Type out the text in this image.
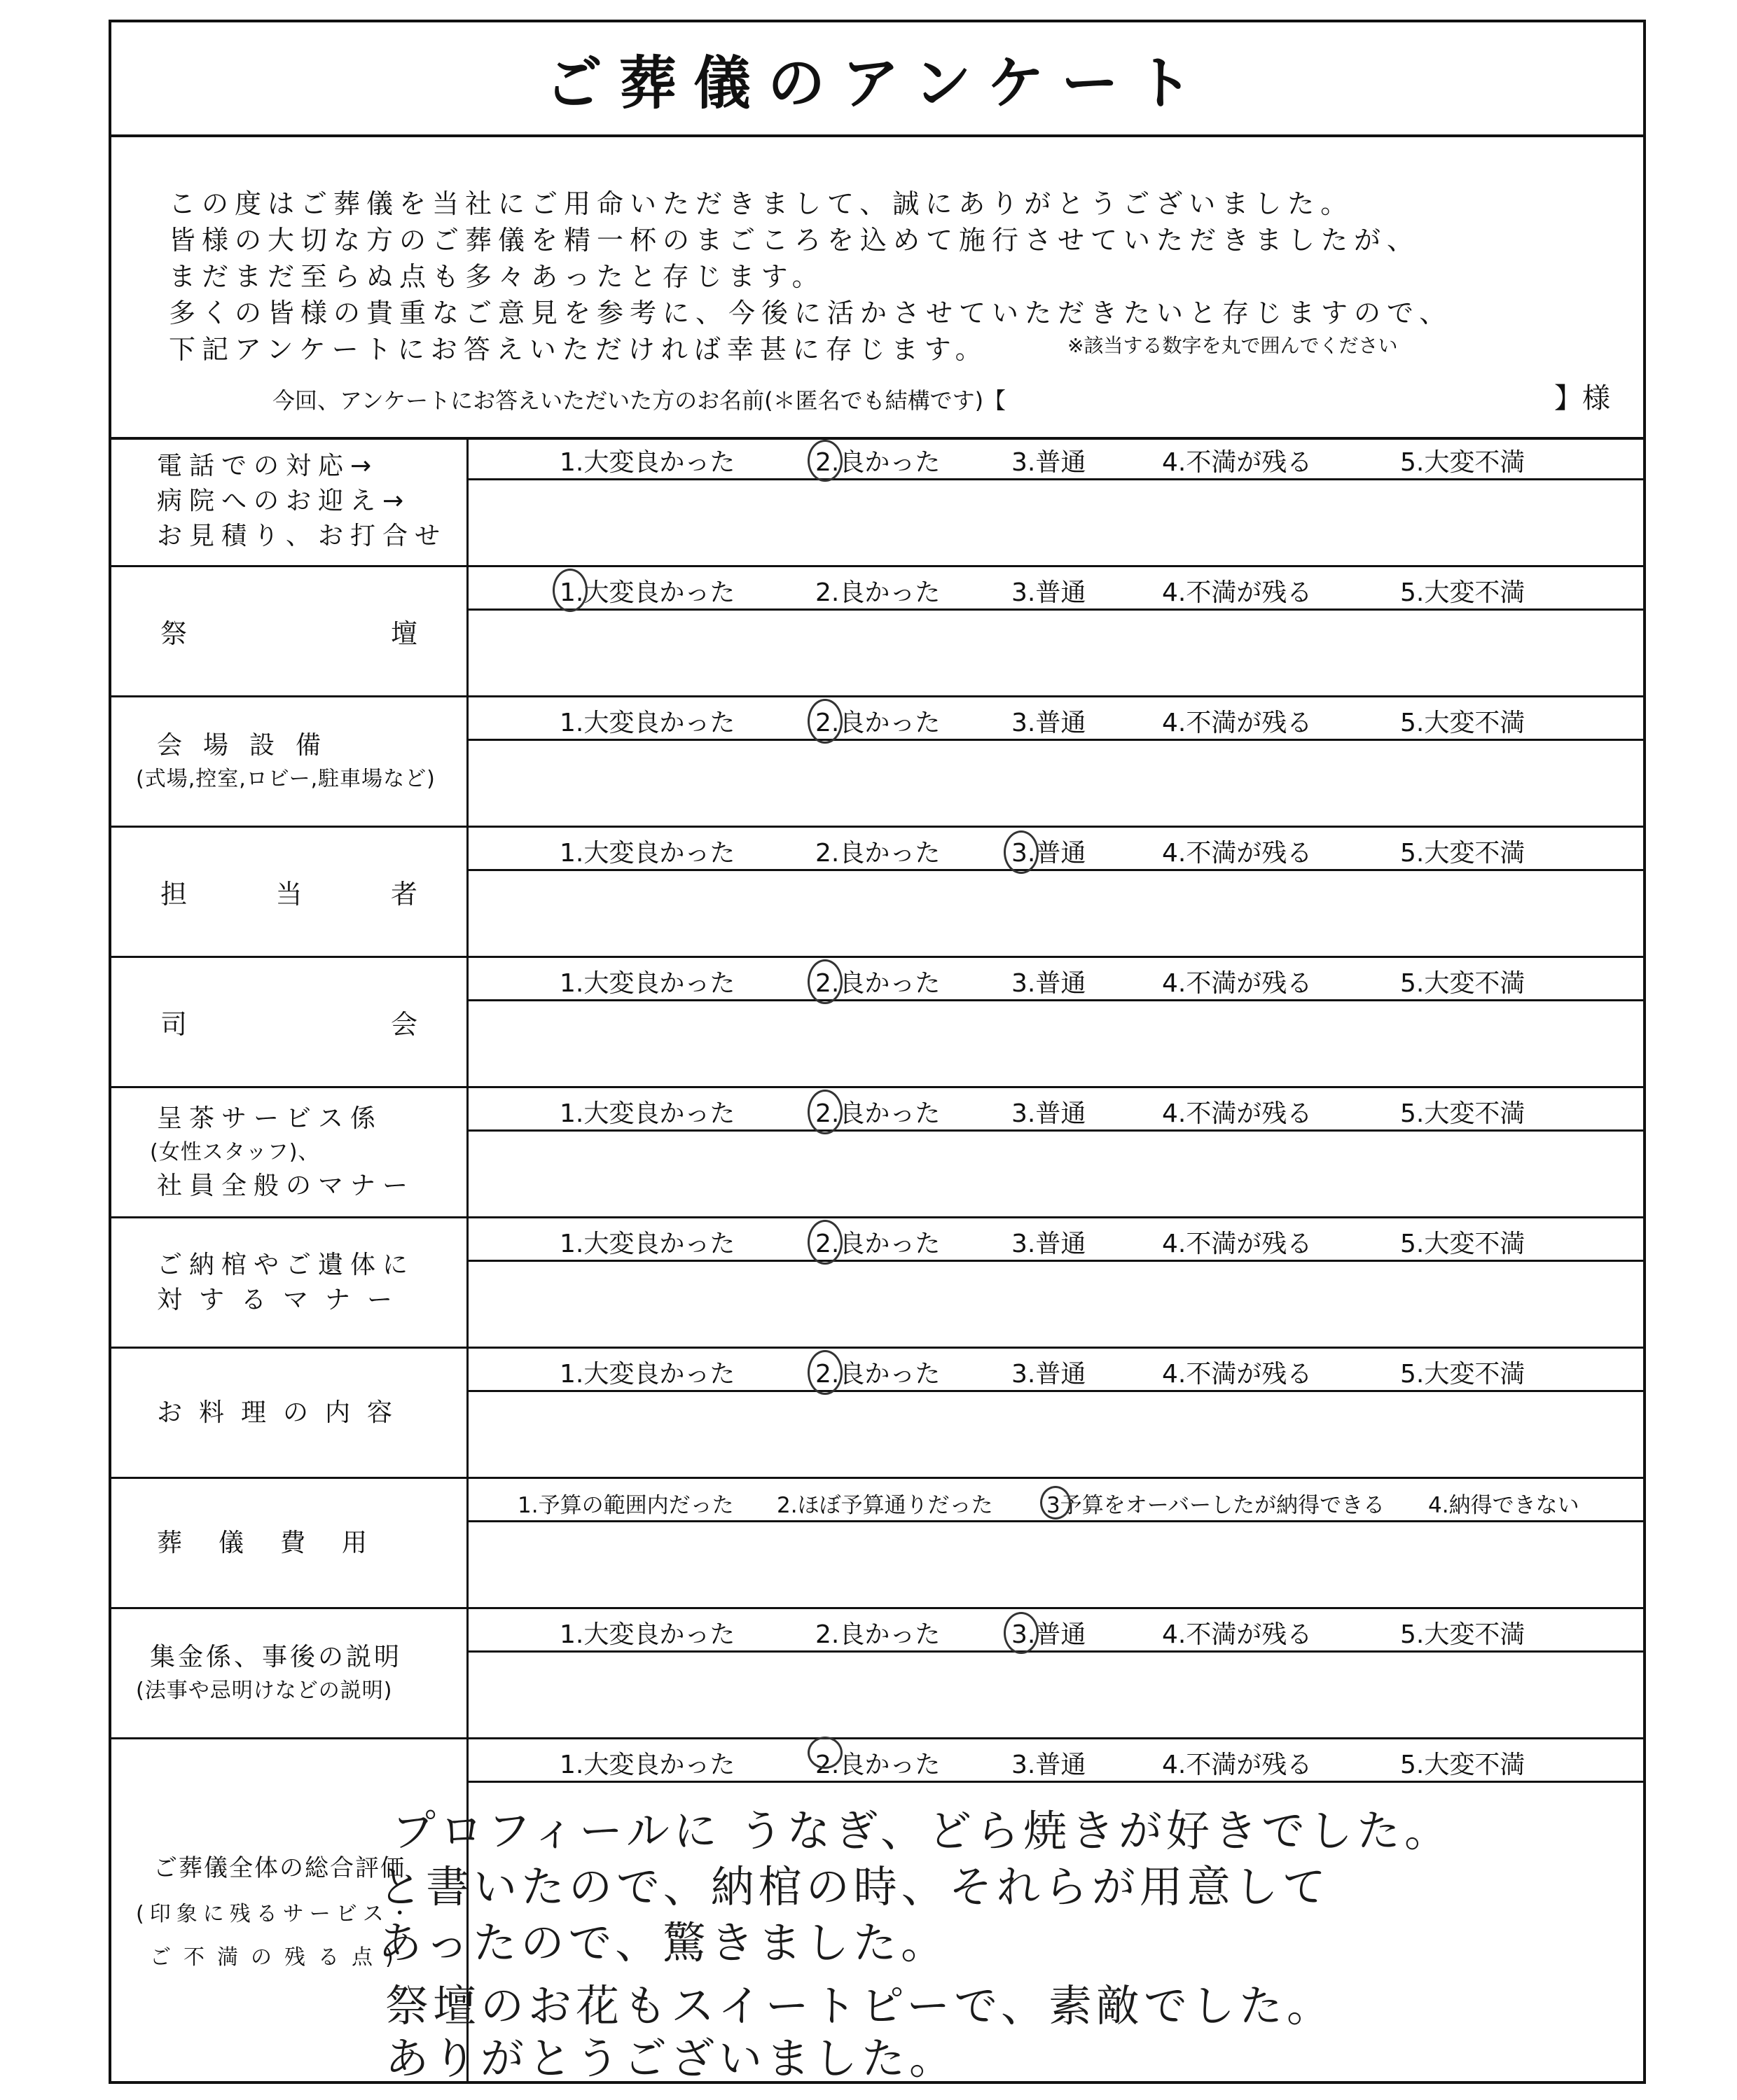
ご葬儀のアンケート
この度はご葬儀を当社にご用命いただきまして、誠にありがとうございました。
皆様の大切な方のご葬儀を精一杯のまごころを込めて施行させていただきましたが、
まだまだ至らぬ点も多々あったと存じます。
多くの皆様の貴重なご意見を参考に、今後に活かさせていただきたいと存じますので、
下記アンケートにお答えいただければ幸甚に存じます。	※該当する数字を丸で囲んでください
今回、アンケートにお答えいただいた方のお名前(＊匿名でも結構です)【	】様
電話での対応→
病院へのお迎え→
お見積り、お打合せ
1.大変良かった	2.良かった	3.普通	4.不満が残る	5.大変不満
祭	壇
1.大変良かった	2.良かった	3.普通	4.不満が残る	5.大変不満
会場設備
(式場,控室,ロビー,駐車場など)
1.大変良かった	2.良かった	3.普通	4.不満が残る	5.大変不満
担	当	者
1.大変良かった	2.良かった	3.普通	4.不満が残る	5.大変不満
司	会
1.大変良かった	2.良かった	3.普通	4.不満が残る	5.大変不満
呈茶サービス係
(女性スタッフ)、
社員全般のマナー
1.大変良かった	2.良かった	3.普通	4.不満が残る	5.大変不満
ご納棺やご遺体に
対するマナー
1.大変良かった	2.良かった	3.普通	4.不満が残る	5.大変不満
お料理の内容
1.大変良かった	2.良かった	3.普通	4.不満が残る	5.大変不満
葬儀費用
1.予算の範囲内だった 2.ほぼ予算通りだった 3予算をオーバーしたが納得できる 4.納得できない
集金係、事後の説明
(法事や忌明けなどの説明)
1.大変良かった	2.良かった	3.普通	4.不満が残る	5.大変不満
ご葬儀全体の総合評価
(印象に残るサービス・
ご不満の残る点)
1.大変良かった	2.良かった	3.普通	4.不満が残る	5.大変不満
プロフィールに うなぎ、どら焼きが好きでした。
と書いたので、納棺の時、それらが用意して
あったので、驚きました。
祭壇のお花もスイートピーで、素敵でした。
ありがとうございました。
